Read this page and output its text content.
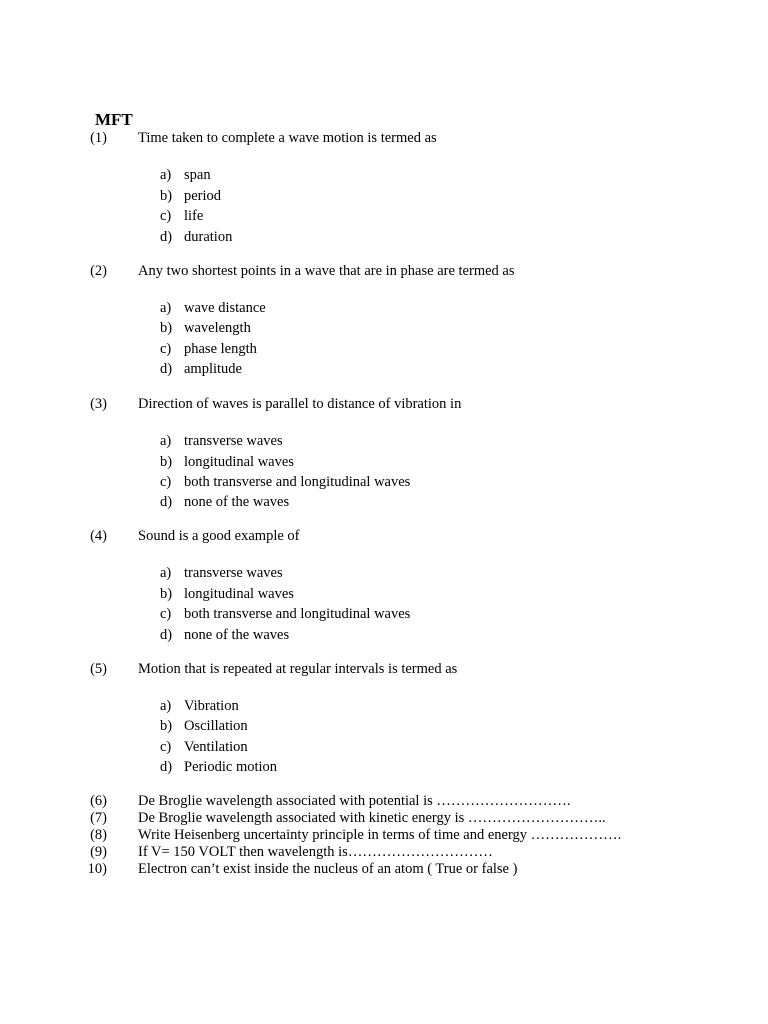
MFT
(1) Time taken to complete a wave motion is termed as
a) span
b) period
c) life
d) duration
(2) Any two shortest points in a wave that are in phase are termed as
a) wave distance
b) wavelength
c) phase length
d) amplitude
(3) Direction of waves is parallel to distance of vibration in
a) transverse waves
b) longitudinal waves
c) both transverse and longitudinal waves
d) none of the waves
(4) Sound is a good example of
a) transverse waves
b) longitudinal waves
c) both transverse and longitudinal waves
d) none of the waves
(5) Motion that is repeated at regular intervals is termed as
a) Vibration
b) Oscillation
c) Ventilation
d) Periodic motion
(6) De Broglie wavelength associated with potential is ……………………….
(7) De Broglie wavelength associated with kinetic energy is ………………………..
(8) Write Heisenberg uncertainty principle in terms of time and energy ……………….
(9) If V= 150 VOLT then wavelength is…………………………
10) Electron can’t exist inside the nucleus of an atom ( True or false )
